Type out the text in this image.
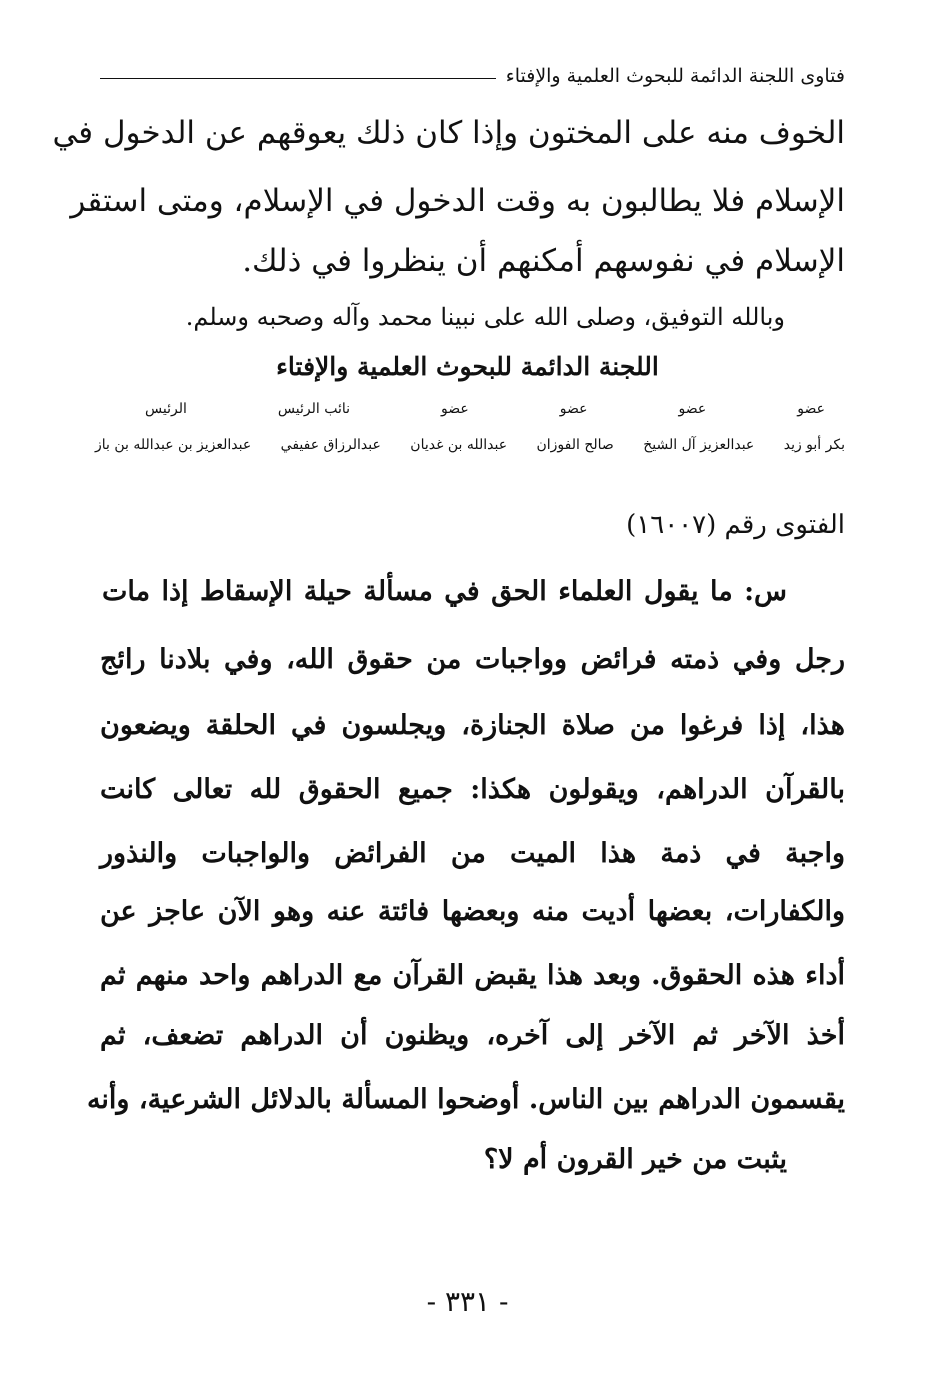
فتاوى اللجنة الدائمة للبحوث العلمية والإفتاء
الخوف منه على المختون وإذا كان ذلك يعوقهم عن الدخول في
الإسلام فلا يطالبون به وقت الدخول في الإسلام، ومتى استقر
الإسلام في نفوسهم أمكنهم أن ينظروا في ذلك.
وبالله التوفيق، وصلى الله على نبينا محمد وآله وصحبه وسلم.
اللجنة الدائمة للبحوث العلمية والإفتاء
عضو
عضو
عضو
عضو
نائب الرئيس
الرئيس
بكر أبو زيد
عبدالعزيز آل الشيخ
صالح الفوزان
عبدالله بن غديان
عبدالرزاق عفيفي
عبدالعزيز بن عبدالله بن باز
الفتوى رقم (١٦٠٠٧)
س: ما يقول العلماء الحق في مسألة حيلة الإسقاط إذا مات
رجل وفي ذمته فرائض وواجبات من حقوق الله، وفي بلادنا رائج
هذا، إذا فرغوا من صلاة الجنازة، ويجلسون في الحلقة ويضعون
بالقرآن الدراهم، ويقولون هكذا: جميع الحقوق لله تعالى كانت
واجبة في ذمة هذا الميت من الفرائض والواجبات والنذور
والكفارات، بعضها أديت منه وبعضها فائتة عنه وهو الآن عاجز عن
أداء هذه الحقوق. وبعد هذا يقبض القرآن مع الدراهم واحد منهم ثم
أخذ الآخر ثم الآخر إلى آخره، ويظنون أن الدراهم تضعف، ثم
يقسمون الدراهم بين الناس. أوضحوا المسألة بالدلائل الشرعية، وأنه
يثبت من خير القرون أم لا؟
- ٣٣١ -
